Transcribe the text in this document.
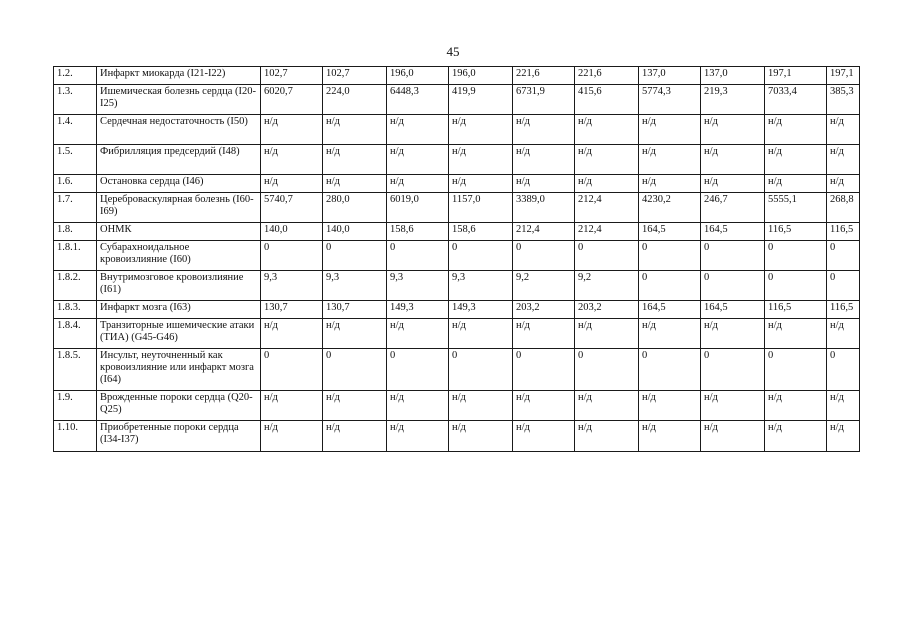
45
1.2.	Инфаркт миокарда (I21-I22)	102,7	102,7	196,0	196,0	221,6	221,6	137,0	137,0	197,1	197,1
1.3.	Ишемическая болезнь сердца (I20-I25)	6020,7	224,0	6448,3	419,9	6731,9	415,6	5774,3	219,3	7033,4	385,3
1.4.	Сердечная недостаточность (I50)	н/д	н/д	н/д	н/д	н/д	н/д	н/д	н/д	н/д	н/д
1.5.	Фибрилляция предсердий (I48)	н/д	н/д	н/д	н/д	н/д	н/д	н/д	н/д	н/д	н/д
1.6.	Остановка сердца (I46)	н/д	н/д	н/д	н/д	н/д	н/д	н/д	н/д	н/д	н/д
1.7.	Цереброваскулярная болезнь (I60-I69)	5740,7	280,0	6019,0	1157,0	3389,0	212,4	4230,2	246,7	5555,1	268,8
1.8.	ОНМК	140,0	140,0	158,6	158,6	212,4	212,4	164,5	164,5	116,5	116,5
1.8.1.	Субарахноидальное кровоизлияние (I60)	0	0	0	0	0	0	0	0	0	0
1.8.2.	Внутримозговое кровоизлияние (I61)	9,3	9,3	9,3	9,3	9,2	9,2	0	0	0	0
1.8.3.	Инфаркт мозга (I63)	130,7	130,7	149,3	149,3	203,2	203,2	164,5	164,5	116,5	116,5
1.8.4.	Транзиторные ишемические атаки (ТИА) (G45-G46)	н/д	н/д	н/д	н/д	н/д	н/д	н/д	н/д	н/д	н/д
1.8.5.	Инсульт, неуточненный как кровоизлияние или инфаркт мозга (I64)	0	0	0	0	0	0	0	0	0	0
1.9.	Врожденные пороки сердца (Q20-Q25)	н/д	н/д	н/д	н/д	н/д	н/д	н/д	н/д	н/д	н/д
1.10.	Приобретенные пороки сердца (I34-I37)	н/д	н/д	н/д	н/д	н/д	н/д	н/д	н/д	н/д	н/д
